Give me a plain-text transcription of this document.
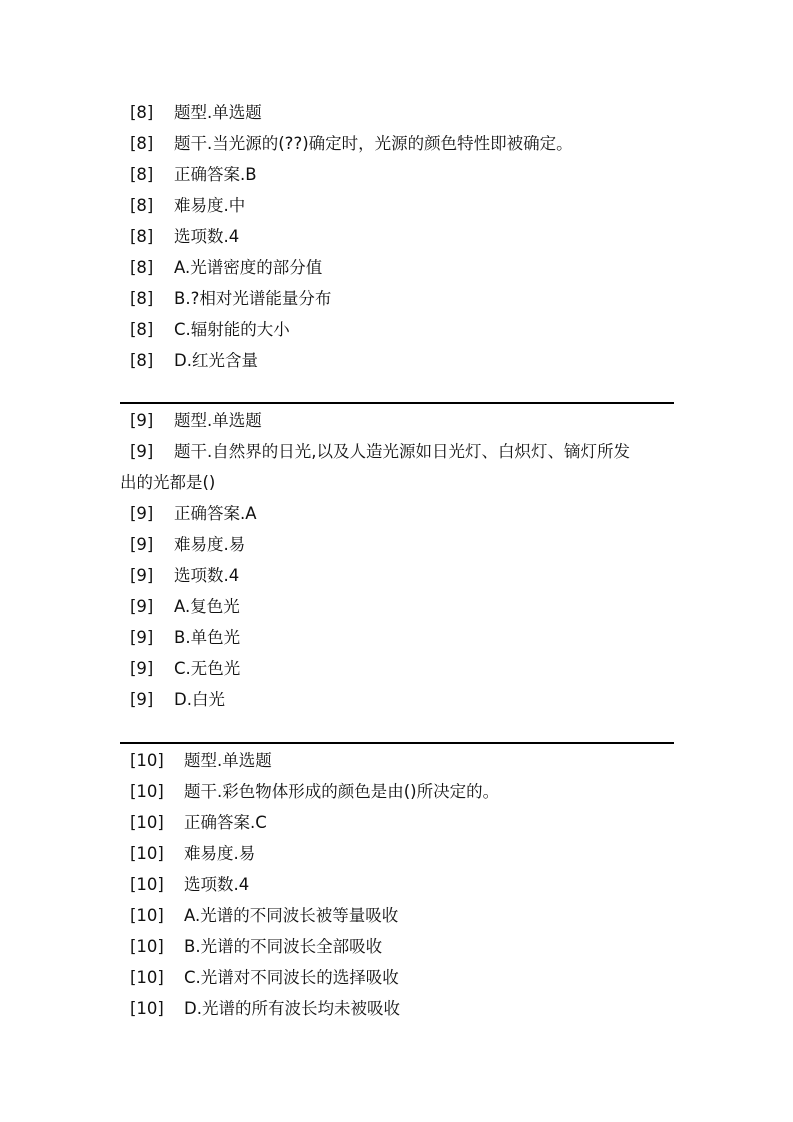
[8] 题型.单选题
[8] 题干.当光源的(??)确定时，光源的颜色特性即被确定。
[8] 正确答案.B
[8] 难易度.中
[8] 选项数.4
[8] A.光谱密度的部分值
[8] B.?相对光谱能量分布
[8] C.辐射能的大小
[8] D.红光含量
[9] 题型.单选题
[9] 题干.自然界的日光,以及人造光源如日光灯、白炽灯、镝灯所发
出的光都是()
[9] 正确答案.A
[9] 难易度.易
[9] 选项数.4
[9] A.复色光
[9] B.单色光
[9] C.无色光
[9] D.白光
[10] 题型.单选题
[10] 题干.彩色物体形成的颜色是由()所决定的。
[10] 正确答案.C
[10] 难易度.易
[10] 选项数.4
[10] A.光谱的不同波长被等量吸收
[10] B.光谱的不同波长全部吸收
[10] C.光谱对不同波长的选择吸收
[10] D.光谱的所有波长均未被吸收
